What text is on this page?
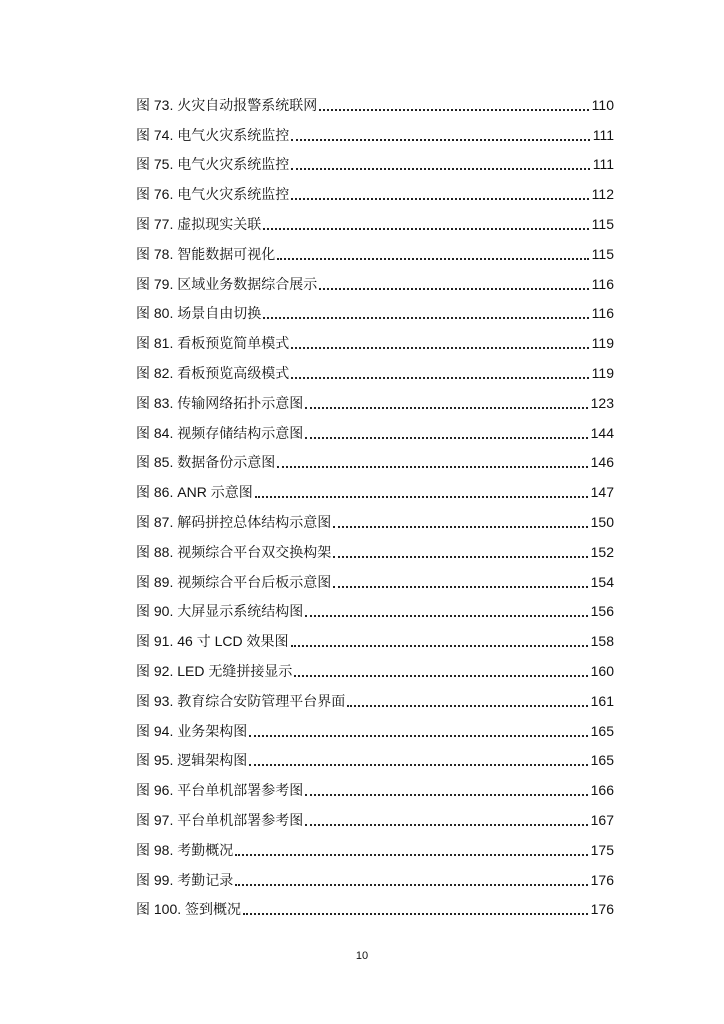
图 73. 火灾自动报警系统联网	110
图 74. 电气火灾系统监控	111
图 75. 电气火灾系统监控	111
图 76. 电气火灾系统监控	112
图 77. 虚拟现实关联	115
图 78. 智能数据可视化	115
图 79. 区域业务数据综合展示	116
图 80. 场景自由切换	116
图 81. 看板预览简单模式	119
图 82. 看板预览高级模式	119
图 83. 传输网络拓扑示意图	123
图 84. 视频存储结构示意图	144
图 85. 数据备份示意图	146
图 86. ANR 示意图	147
图 87. 解码拼控总体结构示意图	150
图 88. 视频综合平台双交换构架	152
图 89. 视频综合平台后板示意图	154
图 90. 大屏显示系统结构图	156
图 91. 46 寸 LCD 效果图	158
图 92. LED 无缝拼接显示	160
图 93. 教育综合安防管理平台界面	161
图 94. 业务架构图	165
图 95. 逻辑架构图	165
图 96. 平台单机部署参考图	166
图 97. 平台单机部署参考图	167
图 98. 考勤概况	175
图 99. 考勤记录	176
图 100. 签到概况	176
10
